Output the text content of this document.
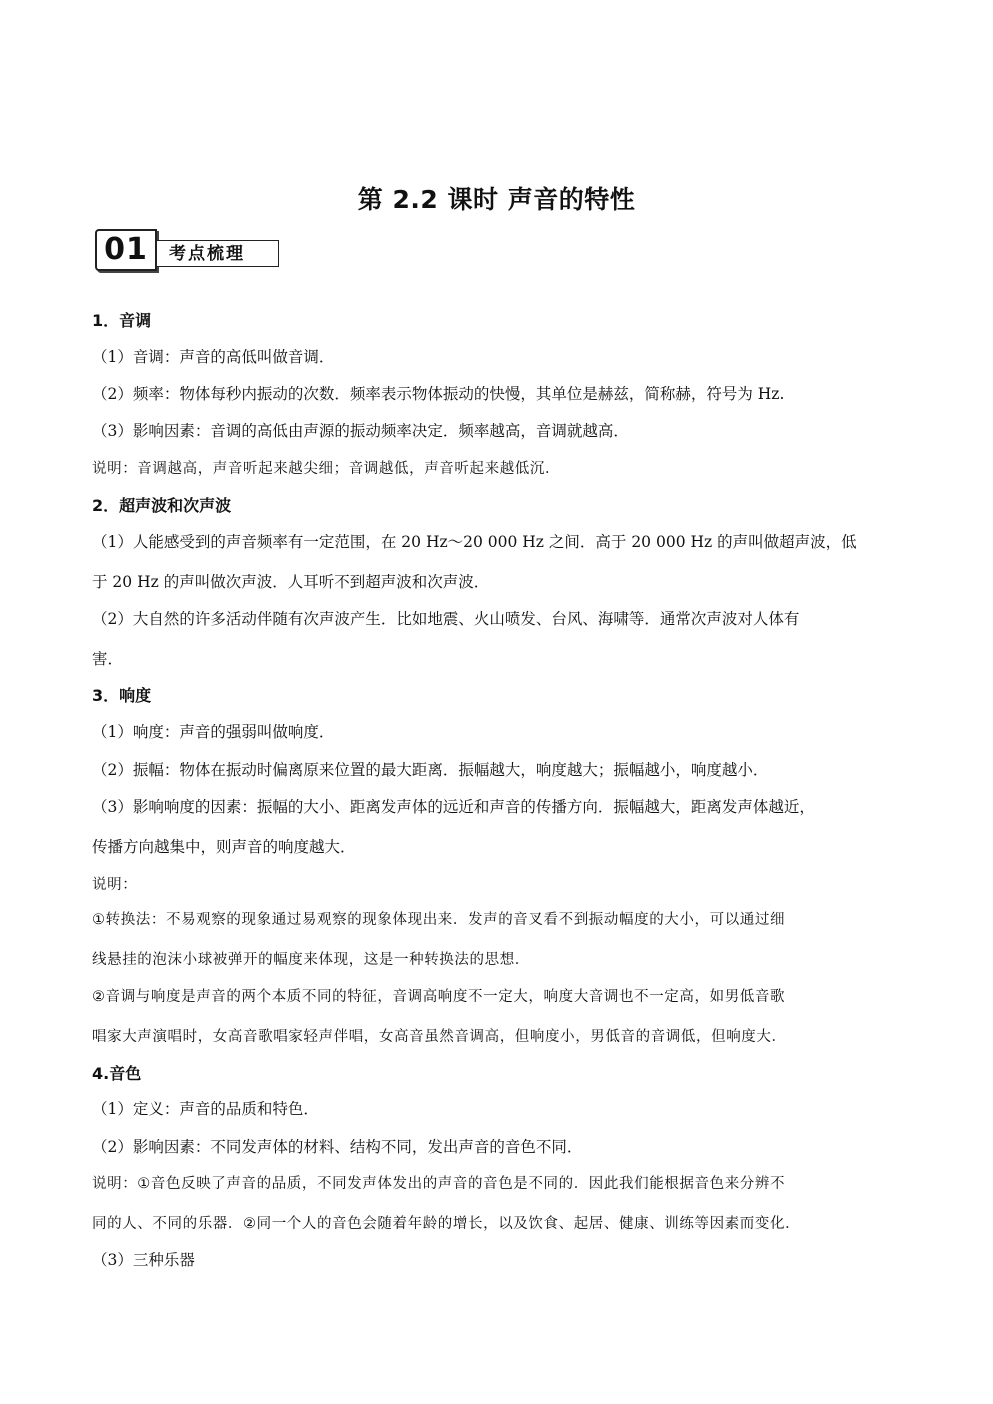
第 2.2 课时 声音的特性
01	考点梳理
1．音调
（1）音调：声音的高低叫做音调．
（2）频率：物体每秒内振动的次数．频率表示物体振动的快慢，其单位是赫兹，简称赫，符号为 Hz.
（3）影响因素：音调的高低由声源的振动频率决定．频率越高，音调就越高．
说明：音调越高，声音听起来越尖细；音调越低，声音听起来越低沉．
2．超声波和次声波
（1）人能感受到的声音频率有一定范围，在 20 Hz～20 000 Hz 之间．高于 20 000 Hz 的声叫做超声波，低
于 20 Hz 的声叫做次声波．人耳听不到超声波和次声波．
（2）大自然的许多活动伴随有次声波产生．比如地震、火山喷发、台风、海啸等．通常次声波对人体有
害．
3．响度
（1）响度：声音的强弱叫做响度．
（2）振幅：物体在振动时偏离原来位置的最大距离．振幅越大，响度越大；振幅越小，响度越小．
（3）影响响度的因素：振幅的大小、距离发声体的远近和声音的传播方向．振幅越大，距离发声体越近，
传播方向越集中，则声音的响度越大．
说明：
①转换法：不易观察的现象通过易观察的现象体现出来．发声的音叉看不到振动幅度的大小，可以通过细
线悬挂的泡沫小球被弹开的幅度来体现，这是一种转换法的思想．
②音调与响度是声音的两个本质不同的特征，音调高响度不一定大，响度大音调也不一定高，如男低音歌
唱家大声演唱时，女高音歌唱家轻声伴唱，女高音虽然音调高，但响度小，男低音的音调低，但响度大．
4.音色
（1）定义：声音的品质和特色．
（2）影响因素：不同发声体的材料、结构不同，发出声音的音色不同．
说明：①音色反映了声音的品质，不同发声体发出的声音的音色是不同的．因此我们能根据音色来分辨不
同的人、不同的乐器．②同一个人的音色会随着年龄的增长，以及饮食、起居、健康、训练等因素而变化．
（3）三种乐器
